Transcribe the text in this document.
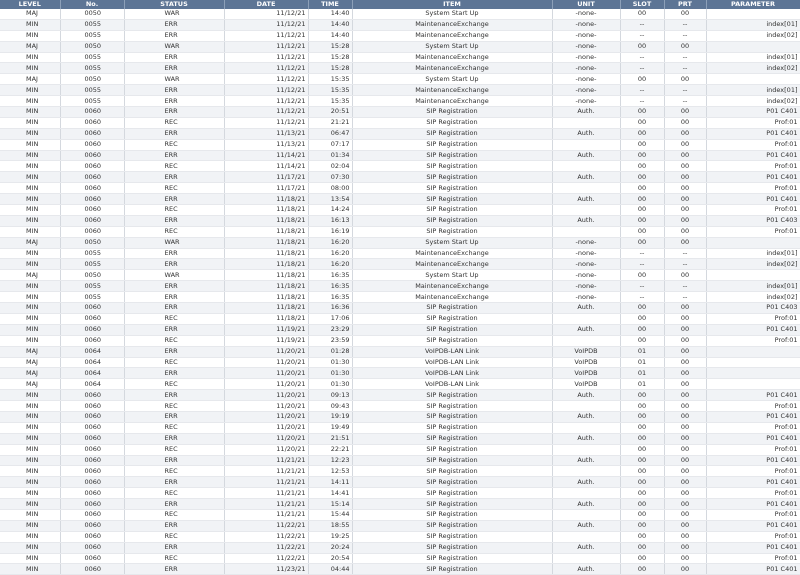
LEVEL	No.	STATUS	DATE	TIME	ITEM	UNIT	SLOT	PRT	PARAMETER
MAJ	0050	WAR	11/12/21	14:40	System Start Up	-none-	00	00	
MIN	0055	ERR	11/12/21	14:40	MaintenanceExchange	-none-	--	--	index[01]
MIN	0055	ERR	11/12/21	14:40	MaintenanceExchange	-none-	--	--	index[02]
MAJ	0050	WAR	11/12/21	15:28	System Start Up	-none-	00	00	
MIN	0055	ERR	11/12/21	15:28	MaintenanceExchange	-none-	--	--	index[01]
MIN	0055	ERR	11/12/21	15:28	MaintenanceExchange	-none-	--	--	index[02]
MAJ	0050	WAR	11/12/21	15:35	System Start Up	-none-	00	00	
MIN	0055	ERR	11/12/21	15:35	MaintenanceExchange	-none-	--	--	index[01]
MIN	0055	ERR	11/12/21	15:35	MaintenanceExchange	-none-	--	--	index[02]
MIN	0060	ERR	11/12/21	20:51	SIP Registration	Auth.	00	00	P01 C401
MIN	0060	REC	11/12/21	21:21	SIP Registration		00	00	Prof:01
MIN	0060	ERR	11/13/21	06:47	SIP Registration	Auth.	00	00	P01 C401
MIN	0060	REC	11/13/21	07:17	SIP Registration		00	00	Prof:01
MIN	0060	ERR	11/14/21	01:34	SIP Registration	Auth.	00	00	P01 C401
MIN	0060	REC	11/14/21	02:04	SIP Registration		00	00	Prof:01
MIN	0060	ERR	11/17/21	07:30	SIP Registration	Auth.	00	00	P01 C401
MIN	0060	REC	11/17/21	08:00	SIP Registration		00	00	Prof:01
MIN	0060	ERR	11/18/21	13:54	SIP Registration	Auth.	00	00	P01 C401
MIN	0060	REC	11/18/21	14:24	SIP Registration		00	00	Prof:01
MIN	0060	ERR	11/18/21	16:13	SIP Registration	Auth.	00	00	P01 C403
MIN	0060	REC	11/18/21	16:19	SIP Registration		00	00	Prof:01
MAJ	0050	WAR	11/18/21	16:20	System Start Up	-none-	00	00	
MIN	0055	ERR	11/18/21	16:20	MaintenanceExchange	-none-	--	--	index[01]
MIN	0055	ERR	11/18/21	16:20	MaintenanceExchange	-none-	--	--	index[02]
MAJ	0050	WAR	11/18/21	16:35	System Start Up	-none-	00	00	
MIN	0055	ERR	11/18/21	16:35	MaintenanceExchange	-none-	--	--	index[01]
MIN	0055	ERR	11/18/21	16:35	MaintenanceExchange	-none-	--	--	index[02]
MIN	0060	ERR	11/18/21	16:36	SIP Registration	Auth.	00	00	P01 C403
MIN	0060	REC	11/18/21	17:06	SIP Registration		00	00	Prof:01
MIN	0060	ERR	11/19/21	23:29	SIP Registration	Auth.	00	00	P01 C401
MIN	0060	REC	11/19/21	23:59	SIP Registration		00	00	Prof:01
MAJ	0064	ERR	11/20/21	01:28	VoIPDB-LAN Link	VoIPDB	01	00	
MAJ	0064	REC	11/20/21	01:30	VoIPDB-LAN Link	VoIPDB	01	00	
MAJ	0064	ERR	11/20/21	01:30	VoIPDB-LAN Link	VoIPDB	01	00	
MAJ	0064	REC	11/20/21	01:30	VoIPDB-LAN Link	VoIPDB	01	00	
MIN	0060	ERR	11/20/21	09:13	SIP Registration	Auth.	00	00	P01 C401
MIN	0060	REC	11/20/21	09:43	SIP Registration		00	00	Prof:01
MIN	0060	ERR	11/20/21	19:19	SIP Registration	Auth.	00	00	P01 C401
MIN	0060	REC	11/20/21	19:49	SIP Registration		00	00	Prof:01
MIN	0060	ERR	11/20/21	21:51	SIP Registration	Auth.	00	00	P01 C401
MIN	0060	REC	11/20/21	22:21	SIP Registration		00	00	Prof:01
MIN	0060	ERR	11/21/21	12:23	SIP Registration	Auth.	00	00	P01 C401
MIN	0060	REC	11/21/21	12:53	SIP Registration		00	00	Prof:01
MIN	0060	ERR	11/21/21	14:11	SIP Registration	Auth.	00	00	P01 C401
MIN	0060	REC	11/21/21	14:41	SIP Registration		00	00	Prof:01
MIN	0060	ERR	11/21/21	15:14	SIP Registration	Auth.	00	00	P01 C401
MIN	0060	REC	11/21/21	15:44	SIP Registration		00	00	Prof:01
MIN	0060	ERR	11/22/21	18:55	SIP Registration	Auth.	00	00	P01 C401
MIN	0060	REC	11/22/21	19:25	SIP Registration		00	00	Prof:01
MIN	0060	ERR	11/22/21	20:24	SIP Registration	Auth.	00	00	P01 C401
MIN	0060	REC	11/22/21	20:54	SIP Registration		00	00	Prof:01
MIN	0060	ERR	11/23/21	04:44	SIP Registration	Auth.	00	00	P01 C401
